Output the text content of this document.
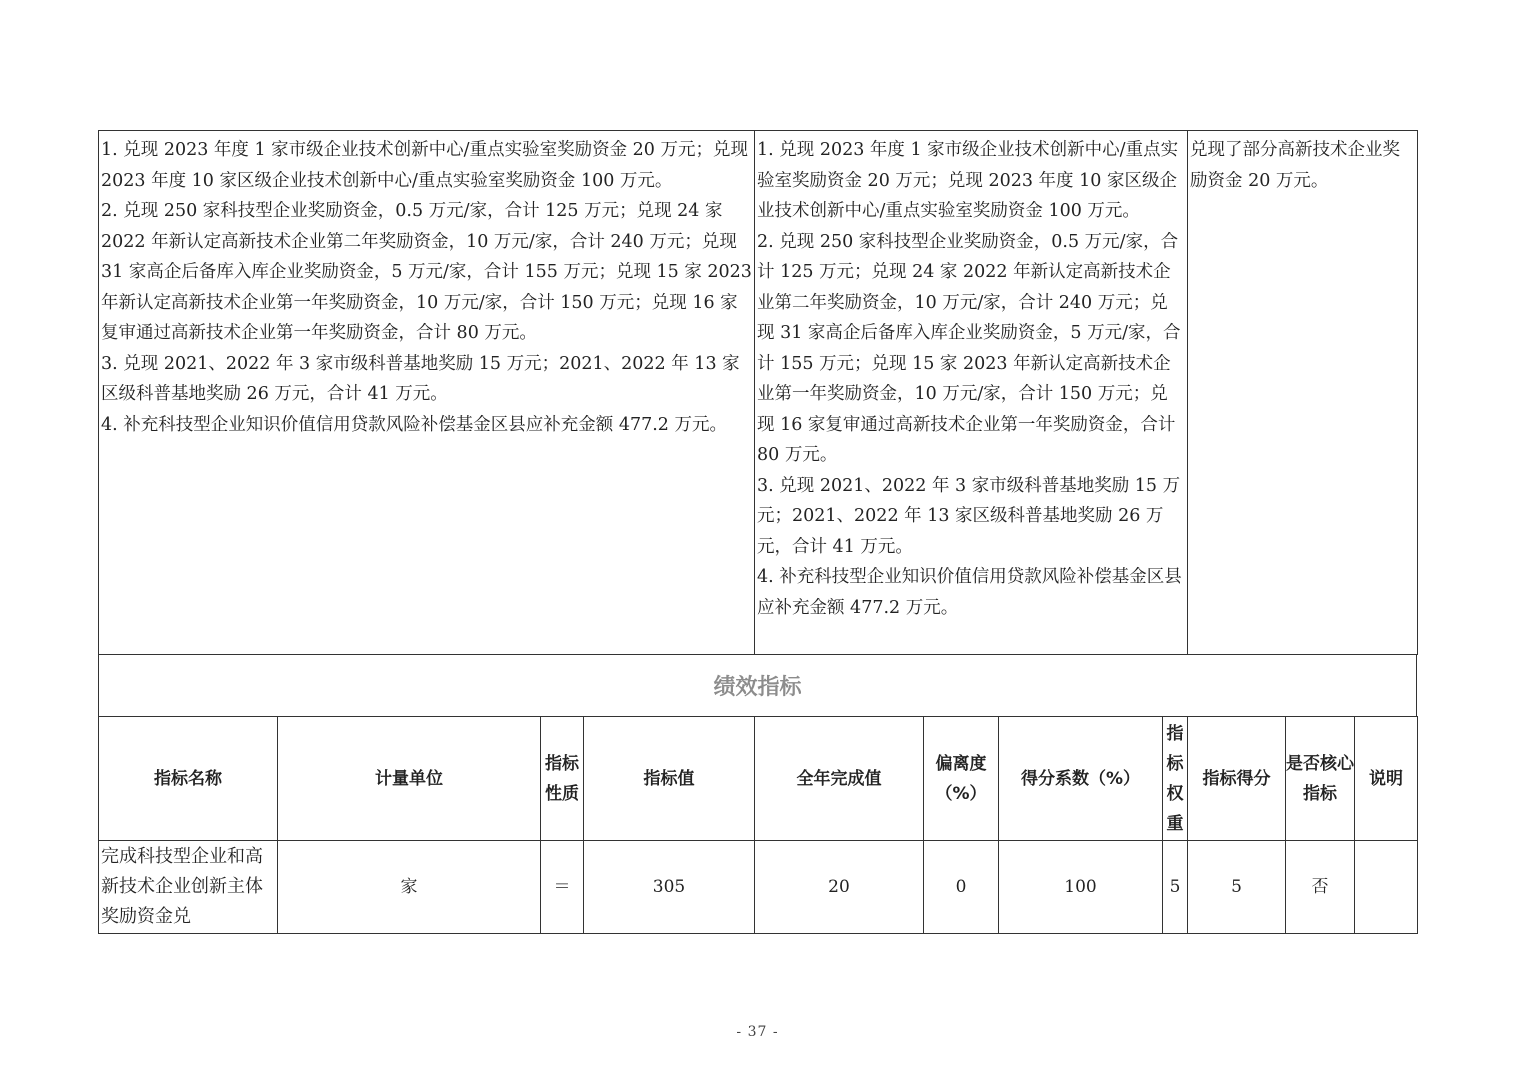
1. 兑现 2023 年度 1 家市级企业技术创新中心/重点实验室奖励资金 20 万元；兑现 2023 年度 10 家区级企业技术创新中心/重点实验室奖励资金 100 万元。
2. 兑现 250 家科技型企业奖励资金，0.5 万元/家，合计 125 万元；兑现 24 家 2022 年新认定高新技术企业第二年奖励资金，10 万元/家，合计 240 万元；兑现 31 家高企后备库入库企业奖励资金，5 万元/家，合计 155 万元；兑现 15 家 2023 年新认定高新技术企业第一年奖励资金，10 万元/家，合计 150 万元；兑现 16 家复审通过高新技术企业第一年奖励资金，合计 80 万元。
3. 兑现 2021、2022 年 3 家市级科普基地奖励 15 万元；2021、2022 年 13 家区级科普基地奖励 26 万元，合计 41 万元。
4. 补充科技型企业知识价值信用贷款风险补偿基金区县应补充金额 477.2 万元。

1. 兑现 2023 年度 1 家市级企业技术创新中心/重点实验室奖励资金 20 万元；兑现 2023 年度 10 家区级企业技术创新中心/重点实验室奖励资金 100 万元。
2. 兑现 250 家科技型企业奖励资金，0.5 万元/家，合计 125 万元；兑现 24 家 2022 年新认定高新技术企业第二年奖励资金，10 万元/家，合计 240 万元；兑现 31 家高企后备库入库企业奖励资金，5 万元/家，合计 155 万元；兑现 15 家 2023 年新认定高新技术企业第一年奖励资金，10 万元/家，合计 150 万元；兑现 16 家复审通过高新技术企业第一年奖励资金，合计 80 万元。
3. 兑现 2021、2022 年 3 家市级科普基地奖励 15 万元；2021、2022 年 13 家区级科普基地奖励 26 万元，合计 41 万元。
4. 补充科技型企业知识价值信用贷款风险补偿基金区县应补充金额 477.2 万元。

兑现了部分高新技术企业奖励资金 20 万元。
绩效指标
指标名称	计量单位	指标性质	指标值	全年完成值	偏离度（%）	得分系数（%）	指标权重	指标得分	是否核心指标	说明
完成科技型企业和高新技术企业创新主体奖励资金兑	家	＝	305	20	0	100	5	5	否	
- 37 -
